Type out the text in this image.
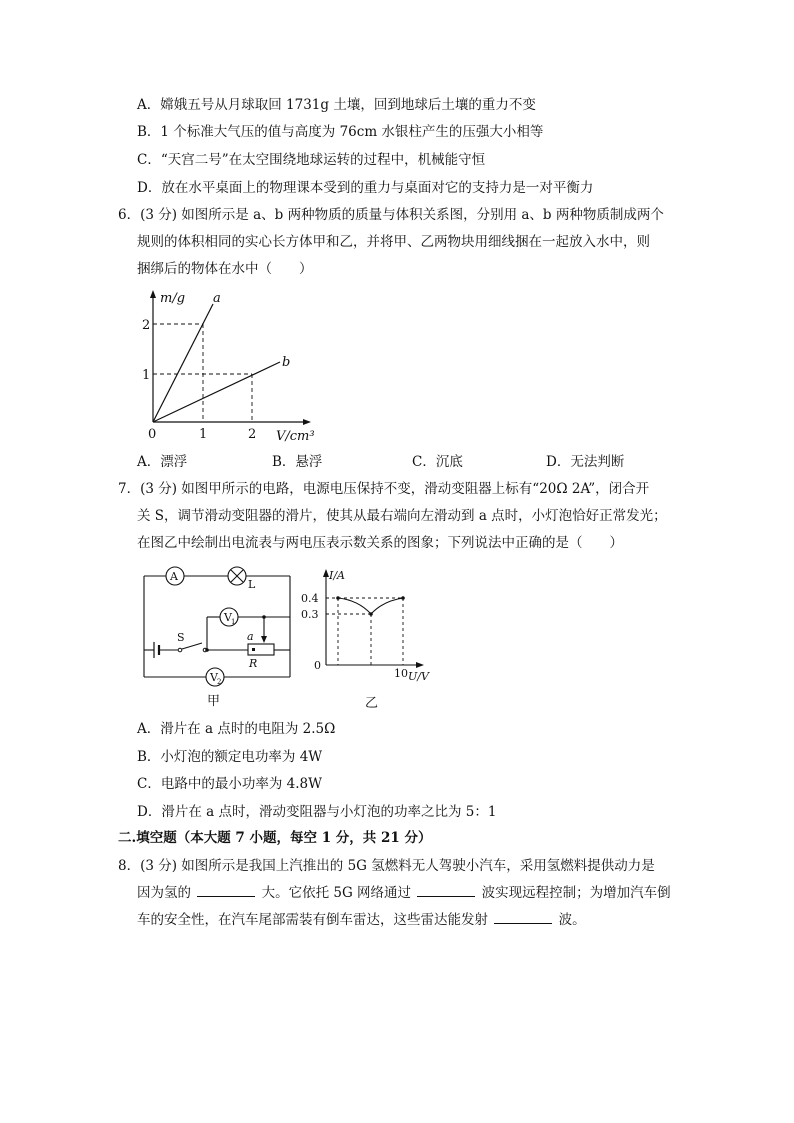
A．嫦娥五号从月球取回 1731g 土壤，回到地球后土壤的重力不变
B．1 个标准大气压的值与高度为 76cm 水银柱产生的压强大小相等
C．“天宫二号”在太空围绕地球运转的过程中，机械能守恒
D．放在水平桌面上的物理课本受到的重力与桌面对它的支持力是一对平衡力
6．(3 分) 如图所示是 a、b 两种物质的质量与体积关系图，分别用 a、b 两种物质制成两个
规则的体积相同的实心长方体甲和乙，并将甲、乙两物块用细线捆在一起放入水中，则
捆绑后的物体在水中（　　）
m/g a
b
2
1
0	1	2 V/cm³
A．漂浮	B．悬浮	C．沉底	D．无法判断
7．(3 分) 如图甲所示的电路，电源电压保持不变，滑动变阻器上标有“20Ω 2A”，闭合开
关 S，调节滑动变阻器的滑片，使其从最右端向左滑动到 a 点时，小灯泡恰好正常发光；
在图乙中绘制出电流表与两电压表示数关系的图象；下列说法中正确的是（　　）
A
L
S	a
R
V 1
V 2
甲
I/A
0.4
0.3
0
10 U/V
乙
A．滑片在 a 点时的电阻为 2.5Ω
B．小灯泡的额定电功率为 4W
C．电路中的最小功率为 4.8W
D．滑片在 a 点时，滑动变阻器与小灯泡的功率之比为 5：1
二.填空题（本大题 7 小题，每空 1 分，共 21 分）
8．(3 分) 如图所示是我国上汽推出的 5G 氢燃料无人驾驶小汽车，采用氢燃料提供动力是
因为氢的	大。它依托 5G 网络通过	波实现远程控制；为增加汽车倒
车的安全性，在汽车尾部需装有倒车雷达，这些雷达能发射	波。
